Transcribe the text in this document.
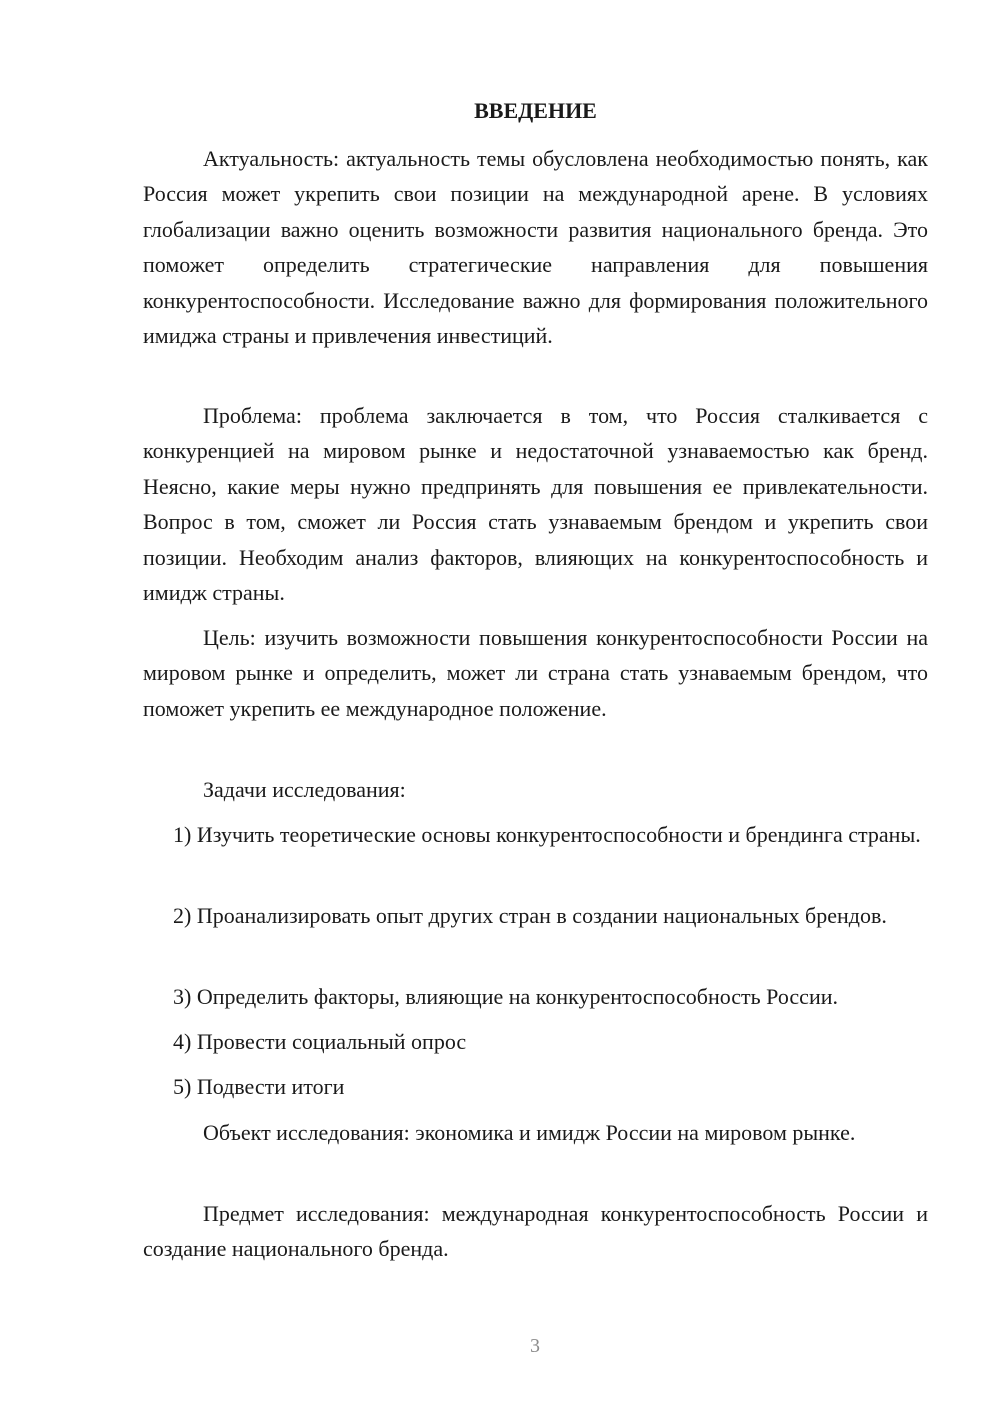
ВВЕДЕНИЕ

Актуальность: актуальность темы обусловлена необходимостью понять, как Россия может укрепить свои позиции на международной арене. В условиях глобализации важно оценить возможности развития национального бренда. Это поможет определить стратегические направления для повышения конкурентоспособности. Исследование важно для формирования положительного имиджа страны и привлечения инвестиций.

Проблема: проблема заключается в том, что Россия сталкивается с конкуренцией на мировом рынке и недостаточной узнаваемостью как бренд. Неясно, какие меры нужно предпринять для повышения ее привлекательности. Вопрос в том, сможет ли Россия стать узнаваемым брендом и укрепить свои позиции. Необходим анализ факторов, влияющих на конкурентоспособность и имидж страны.

Цель: изучить возможности повышения конкурентоспособности России на мировом рынке и определить, может ли страна стать узнаваемым брендом, что поможет укрепить ее международное положение.

Задачи исследования:

1) Изучить теоретические основы конкурентоспособности и брендинга страны.

2) Проанализировать опыт других стран в создании национальных брендов.

3) Определить факторы, влияющие на конкурентоспособность России.

4) Провести социальный опрос

5) Подвести итоги

Объект исследования: экономика и имидж России на мировом рынке.

Предмет исследования: международная конкурентоспособность России и создание национального бренда.

3
